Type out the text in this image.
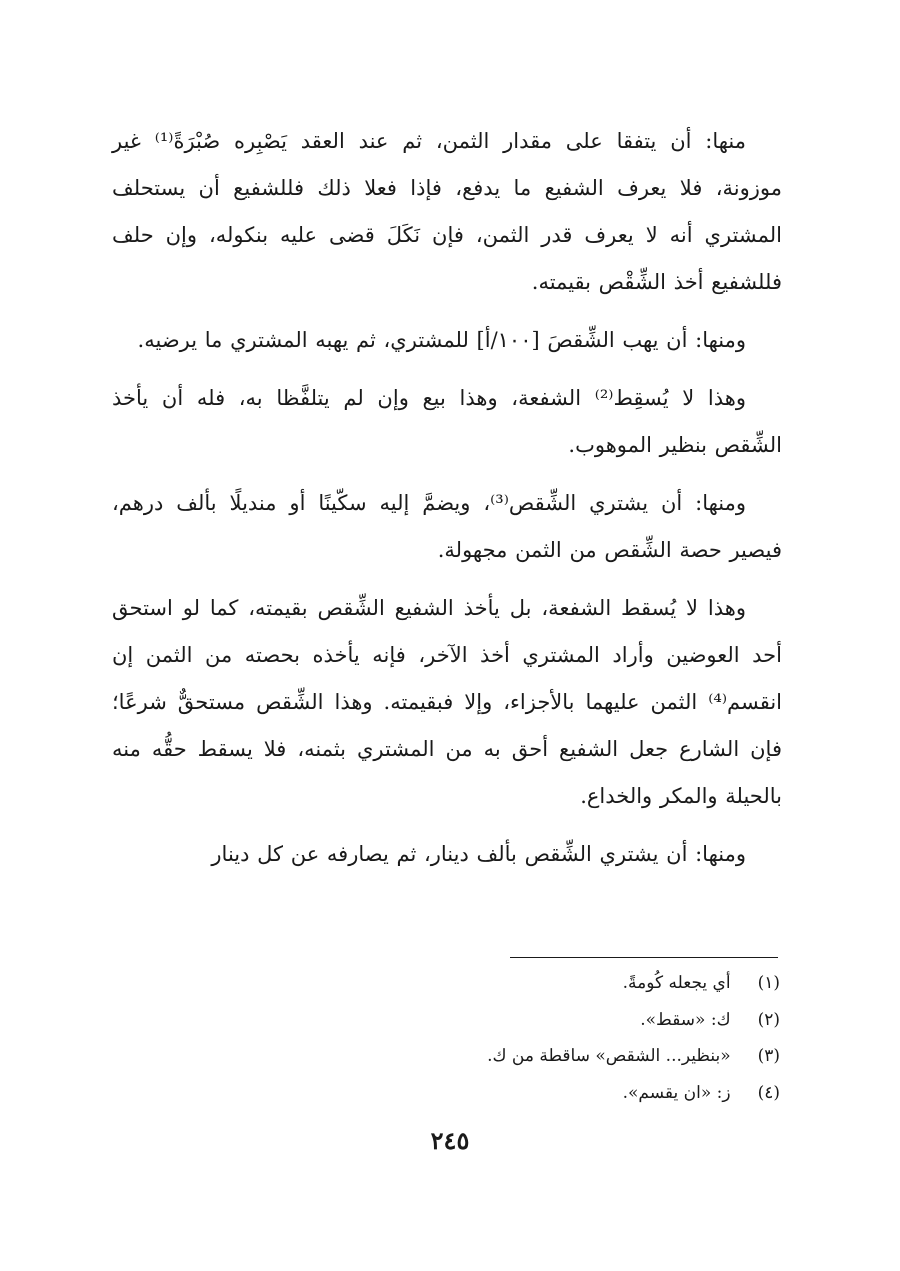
منها: أن يتفقا على مقدار الثمن، ثم عند العقد يَصْبِره صُبْرَةً⁽¹⁾ غير موزونة، فلا يعرف الشفيع ما يدفع، فإذا فعلا ذلك فللشفيع أن يستحلف المشتري أنه لا يعرف قدر الثمن، فإن نَكَلَ قضى عليه بنكوله، وإن حلف فللشفيع أخذ الشِّقْص بقيمته.

ومنها: أن يهب الشِّقصَ [١٠٠/أ] للمشتري، ثم يهبه المشتري ما يرضيه.

وهذا لا يُسقِط⁽²⁾ الشفعة، وهذا بيع وإن لم يتلفَّظا به، فله أن يأخذ الشِّقص بنظير الموهوب.

ومنها: أن يشتري الشِّقص⁽³⁾، ويضمَّ إليه سكّينًا أو منديلًا بألف درهم، فيصير حصة الشِّقص من الثمن مجهولة.

وهذا لا يُسقط الشفعة، بل يأخذ الشفيع الشِّقص بقيمته، كما لو استحق أحد العوضين وأراد المشتري أخذ الآخر، فإنه يأخذه بحصته من الثمن إن انقسم⁽⁴⁾ الثمن عليهما بالأجزاء، وإلا فبقيمته. وهذا الشِّقص مستحقٌّ شرعًا؛ فإن الشارع جعل الشفيع أحق به من المشتري بثمنه، فلا يسقط حقُّه منه بالحيلة والمكر والخداع.

ومنها: أن يشتري الشِّقص بألف دينار، ثم يصارفه عن كل دينار

(١) أي يجعله كُومةً.
(٢) ك: «سقط».
(٣) «بنظير... الشقص» ساقطة من ك.
(٤) ز: «ان يقسم».
٢٤٥
